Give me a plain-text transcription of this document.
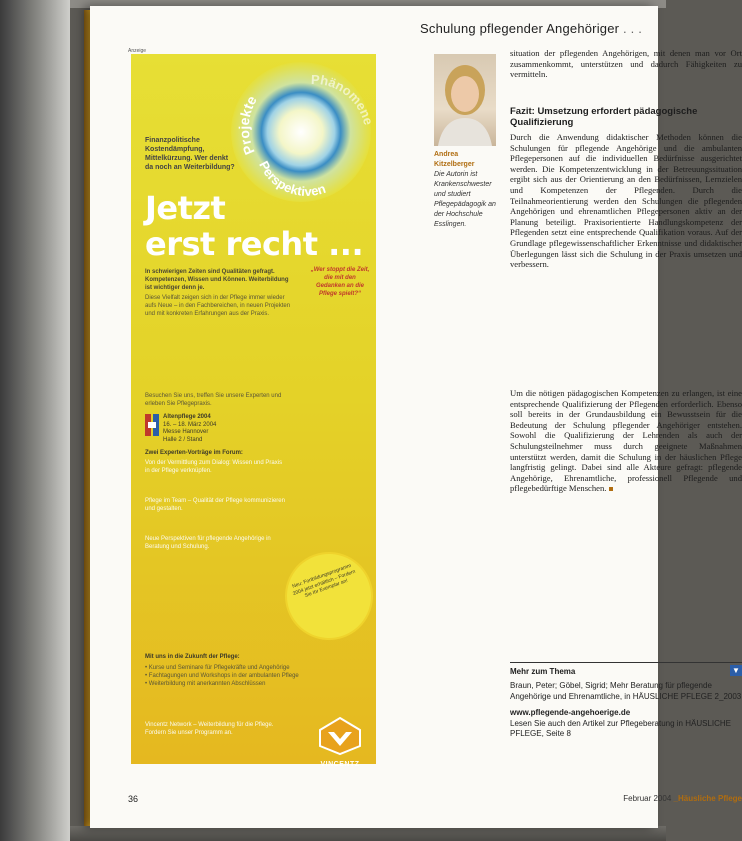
Schulung pflegender Angehöriger . . .
Anzeige
Projekte
Phänomene
Perspektiven
Finanzpolitische Kostendämpfung, Mittelkürzung. Wer denkt da noch an Weiterbildung?
Jetzt
erst recht ...
In schwierigen Zeiten sind Qualitäten gefragt. Kompetenzen, Wissen und Können. Weiterbildung ist wichtiger denn je.
Diese Vielfalt zeigen sich in der Pflege immer wieder aufs Neue – in den Fachbereichen, in neuen Projekten und mit konkreten Erfahrungen aus der Praxis.
„Wer stoppt die Zeit, die mit den Gedanken an die Pflege spielt?“
Besuchen Sie uns, treffen Sie unsere Experten und erleben Sie Pflegepraxis.
Altenpflege 2004
16. – 18. März 2004
Messe Hannover
Halle 2 / Stand
Zwei Experten-Vorträge im Forum:
Von der Vermittlung zum Dialog: Wissen und Praxis in der Pflege verknüpfen.
Pflege im Team – Qualität der Pflege kommunizieren und gestalten.
Neue Perspektiven für pflegende Angehörige in Beratung und Schulung.
Neu: Fortbildungsprogramm 2004 jetzt erhältlich – Fordern Sie Ihr Exemplar an!
Mit uns in die Zukunft der Pflege:
• Kurse und Seminare für Pflegekräfte und Angehörige
• Fachtagungen und Workshops in der ambulanten Pflege
• Weiterbildung mit anerkannten Abschlüssen
Vincentz Network – Weiterbildung für die Pflege. Fordern Sie unser Programm an.
VINCENTZ
Andrea Kitzelberger
Die Autorin ist Krankenschwester und studiert Pflegepädagogik an der Hochschule Esslingen.
situation der pflegenden Angehörigen, mit denen man vor Ort zusammenkommt, unterstützen und dadurch Fähigkeiten zu vermitteln.
Fazit: Umsetzung erfordert pädagogische Qualifizierung
Durch die Anwendung didaktischer Methoden können die Schulungen für pflegende Angehörige und die ambulanten Pflegepersonen auf die individuellen Bedürfnisse ausgerichtet werden. Die Kompetenzentwicklung in der Betreuungssituation ergibt sich aus der Orientierung an den Bedürfnissen, Lernzielen und Kompetenzen der Pflegenden. Durch die Teilnahmeorientierung werden den Schulungen die pflegenden Angehörigen und ehrenamtlichen Pflegepersonen aktiv an der Planung beteiligt. Praxisorientierte Handlungskompetenz der Pflegenden setzt eine entsprechende Qualifikation voraus. Auf der Grundlage pflegewissenschaftlicher Erkenntnisse und didaktischer Überlegungen lässt sich die Schulung in der Praxis umsetzen und verbessern.
Um die nötigen pädagogischen Kompetenzen zu erlangen, ist eine entsprechende Qualifizierung der Pflegenden erforderlich. Ebenso soll bereits in der Grundausbildung ein Bewusstsein für die Bedeutung der Schulung pflegender Angehöriger entstehen. Sowohl die Qualifizierung der Lehrenden als auch der Schulungsteilnehmer muss durch geeignete Maßnahmen unterstützt werden, damit die Schulung in der häuslichen Pflege langfristig gelingt. Dabei sind alle Akteure gefragt: pflegende Angehörige, Ehrenamtliche, professionell Pflegende und pflegebedürftige Menschen.
Mehr zum Thema	▼
Braun, Peter; Göbel, Sigrid; Mehr Beratung für pflegende Angehörige und Ehrenamtliche, in HÄUSLICHE PFLEGE 2_2003
www.pflegende-angehoerige.de
Lesen Sie auch den Artikel zur Pflegeberatung in HÄUSLICHE PFLEGE, Seite 8
36	Februar 2004 _Häusliche Pflege
